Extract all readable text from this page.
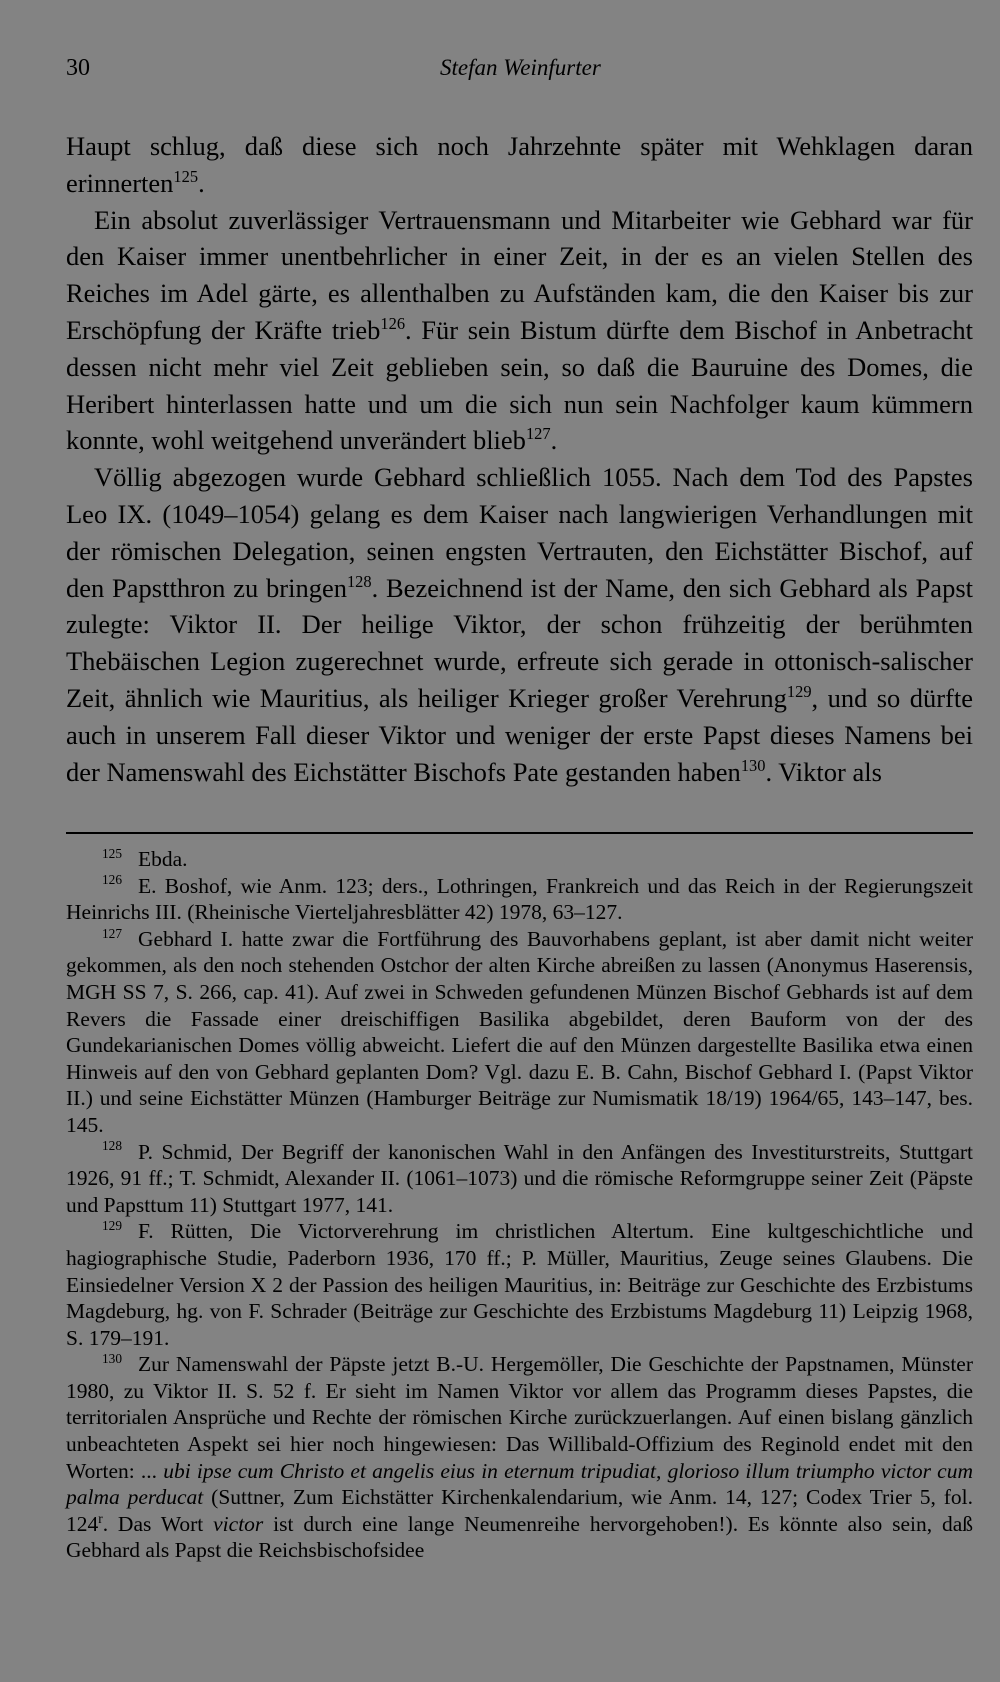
30	Stefan Weinfurter

Haupt schlug, daß diese sich noch Jahrzehnte später mit Wehklagen daran erinnerten$^{125}$.

Ein absolut zuverlässiger Vertrauensmann und Mitarbeiter wie Gebhard war für den Kaiser immer unentbehrlicher in einer Zeit, in der es an vielen Stellen des Reiches im Adel gärte, es allenthalben zu Aufständen kam, die den Kaiser bis zur Erschöpfung der Kräfte trieb$^{126}$. Für sein Bistum dürfte dem Bischof in Anbetracht dessen nicht mehr viel Zeit geblieben sein, so daß die Bauruine des Domes, die Heribert hinterlassen hatte und um die sich nun sein Nachfolger kaum kümmern konnte, wohl weitgehend unverändert blieb$^{127}$.

Völlig abgezogen wurde Gebhard schließlich 1055. Nach dem Tod des Papstes Leo IX. (1049–1054) gelang es dem Kaiser nach langwierigen Verhandlungen mit der römischen Delegation, seinen engsten Vertrauten, den Eichstätter Bischof, auf den Papstthron zu bringen$^{128}$. Bezeichnend ist der Name, den sich Gebhard als Papst zulegte: Viktor II. Der heilige Viktor, der schon frühzeitig der berühmten Thebäischen Legion zugerechnet wurde, erfreute sich gerade in ottonisch-salischer Zeit, ähnlich wie Mauritius, als heiliger Krieger großer Verehrung$^{129}$, und so dürfte auch in unserem Fall dieser Viktor und weniger der erste Papst dieses Namens bei der Namenswahl des Eichstätter Bischofs Pate gestanden haben$^{130}$. Viktor als

$^{125}$ Ebda.

$^{126}$ E. Boshof, wie Anm. 123; ders., Lothringen, Frankreich und das Reich in der Regierungszeit Heinrichs III. (Rheinische Vierteljahresblätter 42) 1978, 63–127.

$^{127}$ Gebhard I. hatte zwar die Fortführung des Bauvorhabens geplant, ist aber damit nicht weiter gekommen, als den noch stehenden Ostchor der alten Kirche abreißen zu lassen (Anonymus Haserensis, MGH SS 7, S. 266, cap. 41). Auf zwei in Schweden gefundenen Münzen Bischof Gebhards ist auf dem Revers die Fassade einer dreischiffigen Basilika abgebildet, deren Bauform von der des Gundekarianischen Domes völlig abweicht. Liefert die auf den Münzen dargestellte Basilika etwa einen Hinweis auf den von Gebhard geplanten Dom? Vgl. dazu E. B. Cahn, Bischof Gebhard I. (Papst Viktor II.) und seine Eichstätter Münzen (Hamburger Beiträge zur Numismatik 18/19) 1964/65, 143–147, bes. 145.

$^{128}$ P. Schmid, Der Begriff der kanonischen Wahl in den Anfängen des Investiturstreits, Stuttgart 1926, 91 ff.; T. Schmidt, Alexander II. (1061–1073) und die römische Reformgruppe seiner Zeit (Päpste und Papsttum 11) Stuttgart 1977, 141.

$^{129}$ F. Rütten, Die Victorverehrung im christlichen Altertum. Eine kultgeschichtliche und hagiographische Studie, Paderborn 1936, 170 ff.; P. Müller, Mauritius, Zeuge seines Glaubens. Die Einsiedelner Version X 2 der Passion des heiligen Mauritius, in: Beiträge zur Geschichte des Erzbistums Magdeburg, hg. von F. Schrader (Beiträge zur Geschichte des Erzbistums Magdeburg 11) Leipzig 1968, S. 179–191.

$^{130}$ Zur Namenswahl der Päpste jetzt B.-U. Hergemöller, Die Geschichte der Papstnamen, Münster 1980, zu Viktor II. S. 52 f. Er sieht im Namen Viktor vor allem das Programm dieses Papstes, die territorialen Ansprüche und Rechte der römischen Kirche zurückzuerlangen. Auf einen bislang gänzlich unbeachteten Aspekt sei hier noch hingewiesen: Das Willibald-Offizium des Reginold endet mit den Worten: ... ubi ipse cum Christo et angelis eius in eternum tripudiat, glorioso illum triumpho victor cum palma perducat (Suttner, Zum Eichstätter Kirchenkalendarium, wie Anm. 14, 127; Codex Trier 5, fol. 124$^r$. Das Wort victor ist durch eine lange Neumenreihe hervorgehoben!). Es könnte also sein, daß Gebhard als Papst die Reichsbischofsidee
